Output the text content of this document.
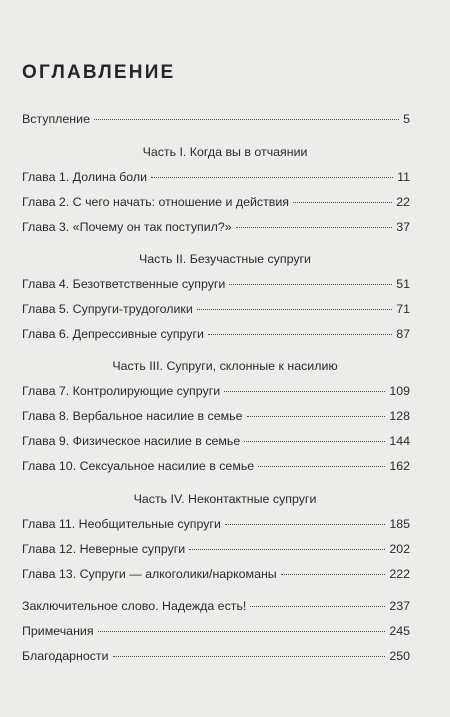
ОГЛАВЛЕНИЕ
Вступление	5
Часть I. Когда вы в отчаянии
Глава 1. Долина боли	11
Глава 2. С чего начать: отношение и действия	22
Глава 3. «Почему он так поступил?»	37
Часть II. Безучастные супруги
Глава 4. Безответственные супруги	51
Глава 5. Супруги-трудоголики	71
Глава 6. Депрессивные супруги	87
Часть III. Супруги, склонные к насилию
Глава 7. Контролирующие супруги	109
Глава 8. Вербальное насилие в семье	128
Глава 9. Физическое насилие в семье	144
Глава 10. Сексуальное насилие в семье	162
Часть IV. Неконтактные супруги
Глава 11. Необщительные супруги	185
Глава 12. Неверные супруги	202
Глава 13. Супруги — алкоголики/наркоманы	222
Заключительное слово. Надежда есть!	237
Примечания	245
Благодарности	250
